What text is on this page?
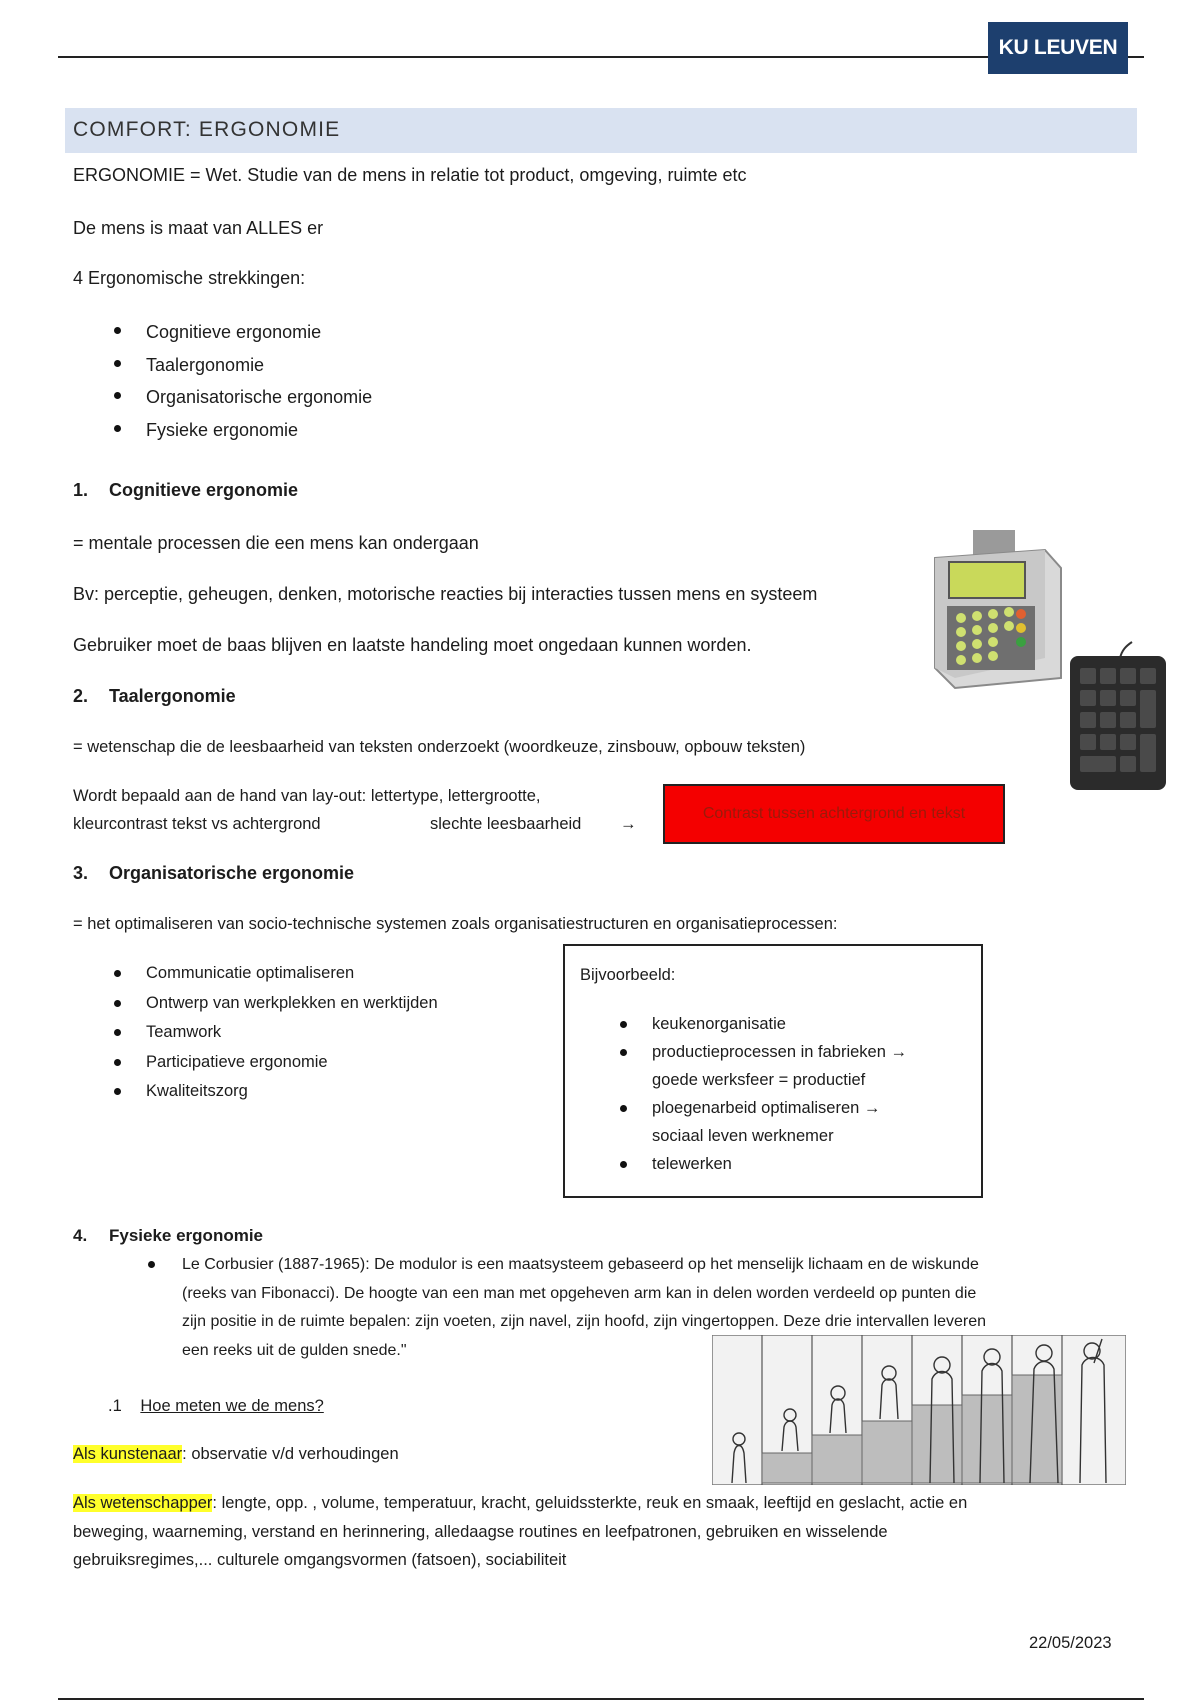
KU LEUVEN
COMFORT: ERGONOMIE
ERGONOMIE = Wet. Studie van de mens in relatie tot product, omgeving, ruimte etc
De mens is maat van ALLES er
4 Ergonomische strekkingen:
Cognitieve ergonomie
Taalergonomie
Organisatorische ergonomie
Fysieke ergonomie
1. Cognitieve ergonomie
= mentale processen die een mens kan ondergaan
Bv: perceptie, geheugen, denken, motorische reacties bij interacties tussen mens en systeem
Gebruiker moet de baas blijven en laatste handeling moet ongedaan kunnen worden.
2. Taalergonomie
= wetenschap die de leesbaarheid van teksten onderzoekt (woordkeuze, zinsbouw, opbouw teksten)
Wordt bepaald aan de hand van lay-out: lettertype, lettergrootte,
kleurcontrast tekst vs achtergrond	slechte leesbaarheid →
Contrast tussen achtergrond en tekst
3. Organisatorische ergonomie
= het optimaliseren van socio-technische systemen zoals organisatiestructuren en organisatieprocessen:
Communicatie optimaliseren
Ontwerp van werkplekken en werktijden
Teamwork
Participatieve ergonomie
Kwaliteitszorg
Bijvoorbeeld:
keukenorganisatie
productieprocessen in fabrieken →
goede werksfeer = productief
ploegenarbeid optimaliseren →
sociaal leven werknemer
telewerken
4. Fysieke ergonomie
Le Corbusier (1887-1965): De modulor is een maatsysteem gebaseerd op het menselijk lichaam en de wiskunde
(reeks van Fibonacci). De hoogte van een man met opgeheven arm kan in delen worden verdeeld op punten die
zijn positie in de ruimte bepalen: zijn voeten, zijn navel, zijn hoofd, zijn vingertoppen. Deze drie intervallen leveren
een reeks uit de gulden snede."
.1 Hoe meten we de mens?
Als kunstenaar: observatie v/d verhoudingen
Als wetenschapper: lengte, opp. , volume, temperatuur, kracht, geluidssterkte, reuk en smaak, leeftijd en geslacht, actie en
beweging, waarneming, verstand en herinnering, alledaagse routines en leefpatronen, gebruiken en wisselende
gebruiksregimes,... culturele omgangsvormen (fatsoen), sociabiliteit
22/05/2023
